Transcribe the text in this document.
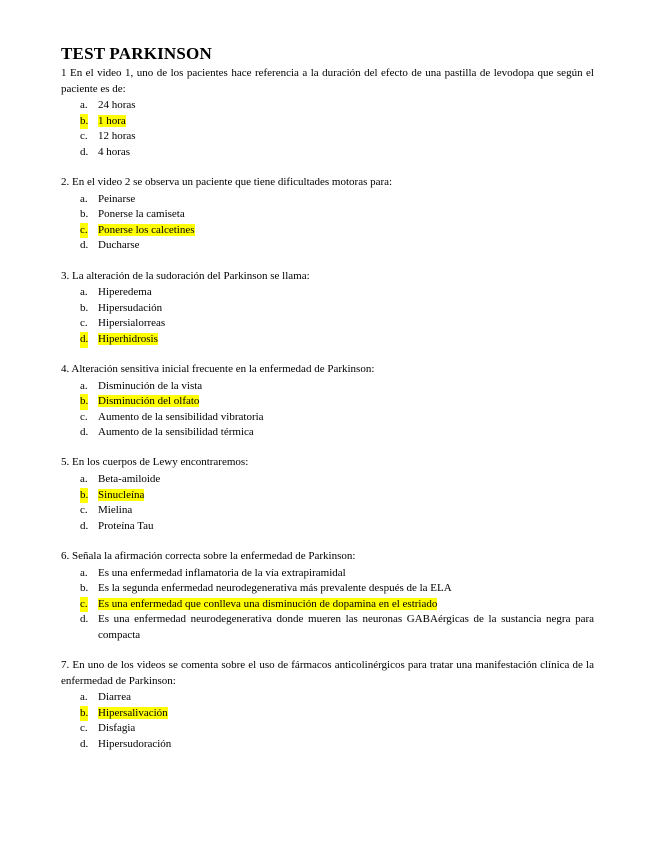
TEST PARKINSON

1 En el video 1, uno de los pacientes hace referencia a la duración del efecto de una pastilla de levodopa que según el paciente es de:

a. 24 horas
b. 1 hora
c. 12 horas
d. 4 horas

2. En el video 2 se observa un paciente que tiene dificultades motoras para:

a. Peinarse
b. Ponerse la camiseta
c. Ponerse los calcetines
d. Ducharse

3. La alteración de la sudoración del Parkinson se llama:

a. Hiperedema
b. Hipersudación
c. Hipersialorreas
d. Hiperhidrosis

4. Alteración sensitiva inicial frecuente en la enfermedad de Parkinson:

a. Disminución de la vista
b. Disminución del olfato
c. Aumento de la sensibilidad vibratoria
d. Aumento de la sensibilidad térmica

5. En los cuerpos de Lewy encontraremos:

a. Beta-amiloide
b. Sinucleína
c. Mielina
d. Proteína Tau

6. Señala la afirmación correcta sobre la enfermedad de Parkinson:

a. Es una enfermedad inflamatoria de la vía extrapiramidal
b. Es la segunda enfermedad neurodegenerativa más prevalente después de la ELA
c. Es una enfermedad que conlleva una disminución de dopamina en el estriado
d. Es una enfermedad neurodegenerativa donde mueren las neuronas GABAérgicas de la sustancia negra para compacta

7. En uno de los videos se comenta sobre el uso de fármacos anticolinérgicos para tratar una manifestación clínica de la enfermedad de Parkinson:

a. Diarrea
b. Hipersalivación
c. Disfagia
d. Hipersudoración
